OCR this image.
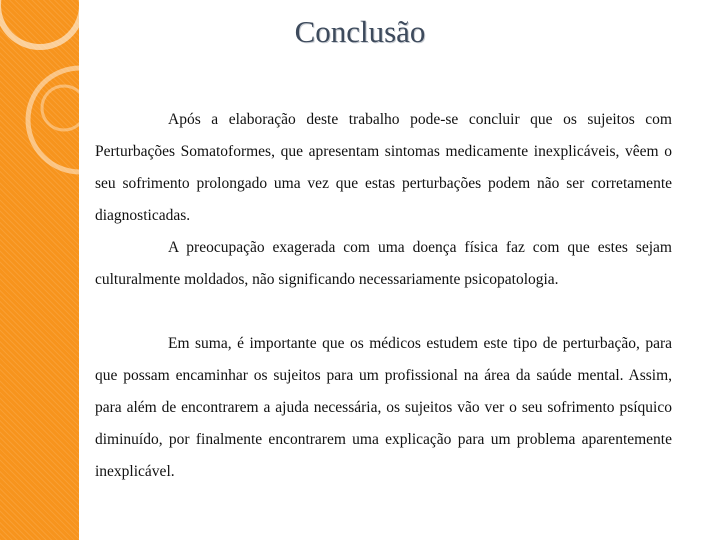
Conclusão

Após a elaboração deste trabalho pode-se concluir que os sujeitos com Perturbações Somatoformes, que apresentam sintomas medicamente inexplicáveis, vêem o seu sofrimento prolongado uma vez que estas perturbações podem não ser corretamente diagnosticadas.

A preocupação exagerada com uma doença física faz com que estes sejam culturalmente moldados, não significando necessariamente psicopatologia.

Em suma, é importante que os médicos estudem este tipo de perturbação, para que possam encaminhar os sujeitos para um profissional na área da saúde mental. Assim, para além de encontrarem a ajuda necessária, os sujeitos vão ver o seu sofrimento psíquico diminuído, por finalmente encontrarem uma explicação para um problema aparentemente inexplicável.
